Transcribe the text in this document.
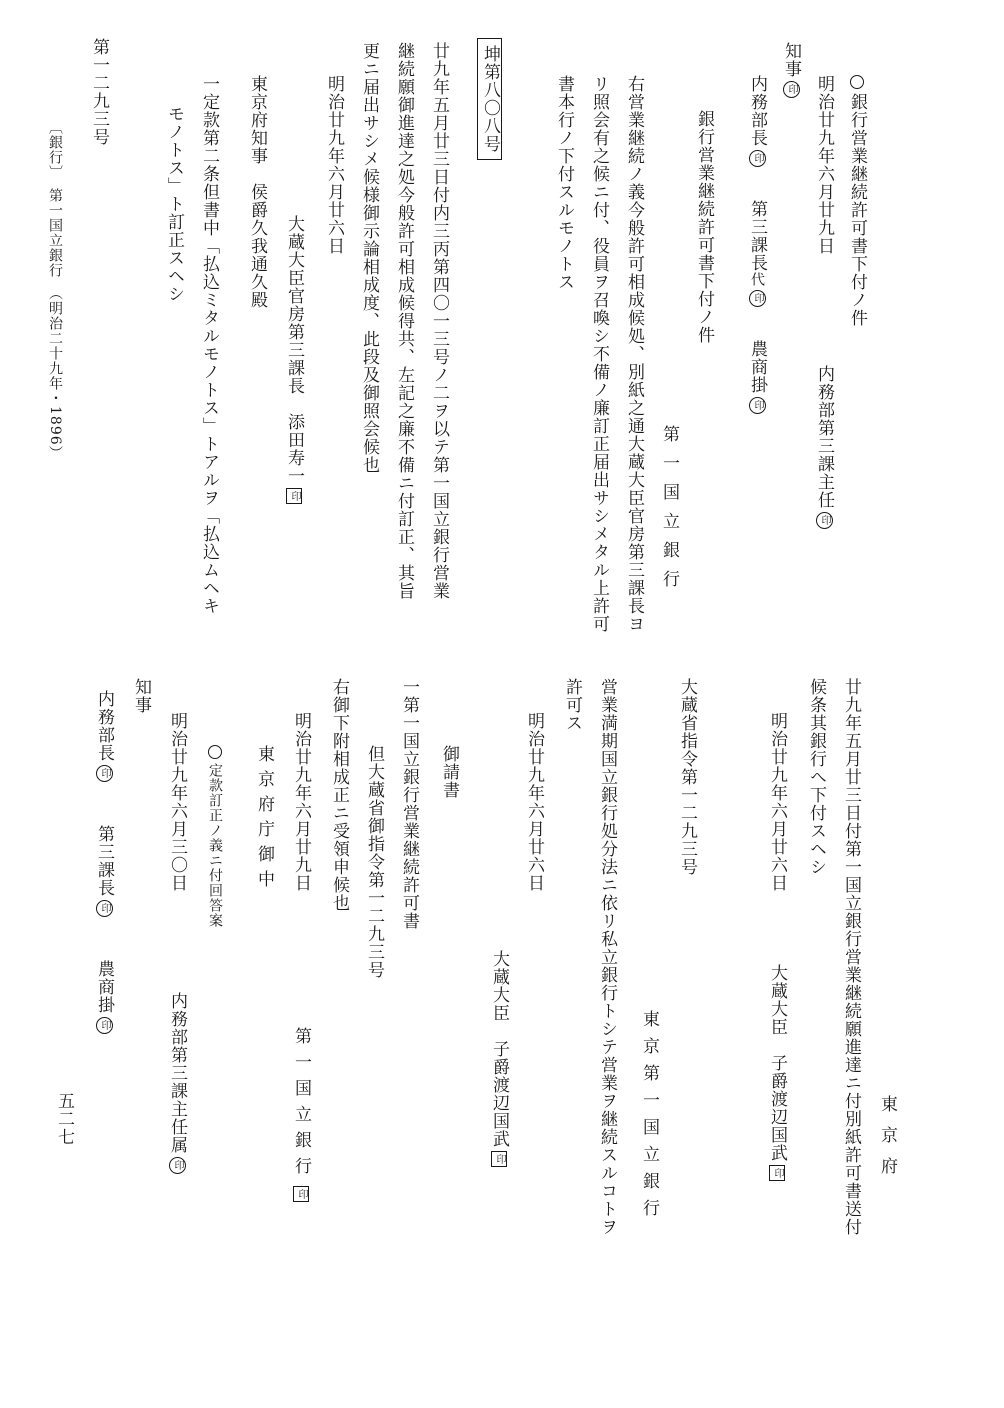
銀行営業継続許可書下付ノ件
明治廿九年六月廿九日内務部第三課主任印
知事印
内務部長印第三課長代印農商掛印
銀行営業継続許可書下付ノ件
第一国立銀行
右営業継続ノ義今般許可相成候処、別紙之通大蔵大臣官房第三課長ヨ
リ照会有之候ニ付、役員ヲ召喚シ不備ノ廉訂正届出サシメタル上許可
書本行ノ下付スルモノトス
坤第八〇八号
廿九年五月廿三日付内三丙第四〇一三号ノ二ヲ以テ第一国立銀行営業
継続願御進達之処今般許可相成候得共、左記之廉不備ニ付訂正、其旨
更ニ届出サシメ候様御示論相成度、此段及御照会候也
明治廿九年六月廿六日
大蔵大臣官房第三課長　添田寿一印
東京府知事　侯爵久我通久殿
一定款第二条但書中「払込ミタルモノトス」トアルヲ「払込ムヘキ
モノトス」ト訂正スヘシ
第一二九三号
〔銀行〕　第一国立銀行　（明治二十九年・1896）
東京府
廿九年五月廿三日付第一国立銀行営業継続願進達ニ付別紙許可書送付
候条其銀行へ下付スヘシ
明治廿九年六月廿六日大蔵大臣　子爵渡辺国武印
大蔵省指令第一二九三号
東京第一国立銀行
営業満期国立銀行処分法ニ依リ私立銀行トシテ営業ヲ継続スルコトヲ
許可ス
明治廿九年六月廿六日
大蔵大臣　子爵渡辺国武印
御請書
一第一国立銀行営業継続許可書
但大蔵省御指令第一二九三号
右御下附相成正ニ受領申候也
明治廿九年六月廿九日第一国立銀行印
東京府庁御中
定款訂正ノ義ニ付回答案
明治廿九年六月三〇日内務部第三課主任属印
知事
内務部長印第三課長印農商掛印
五二七
